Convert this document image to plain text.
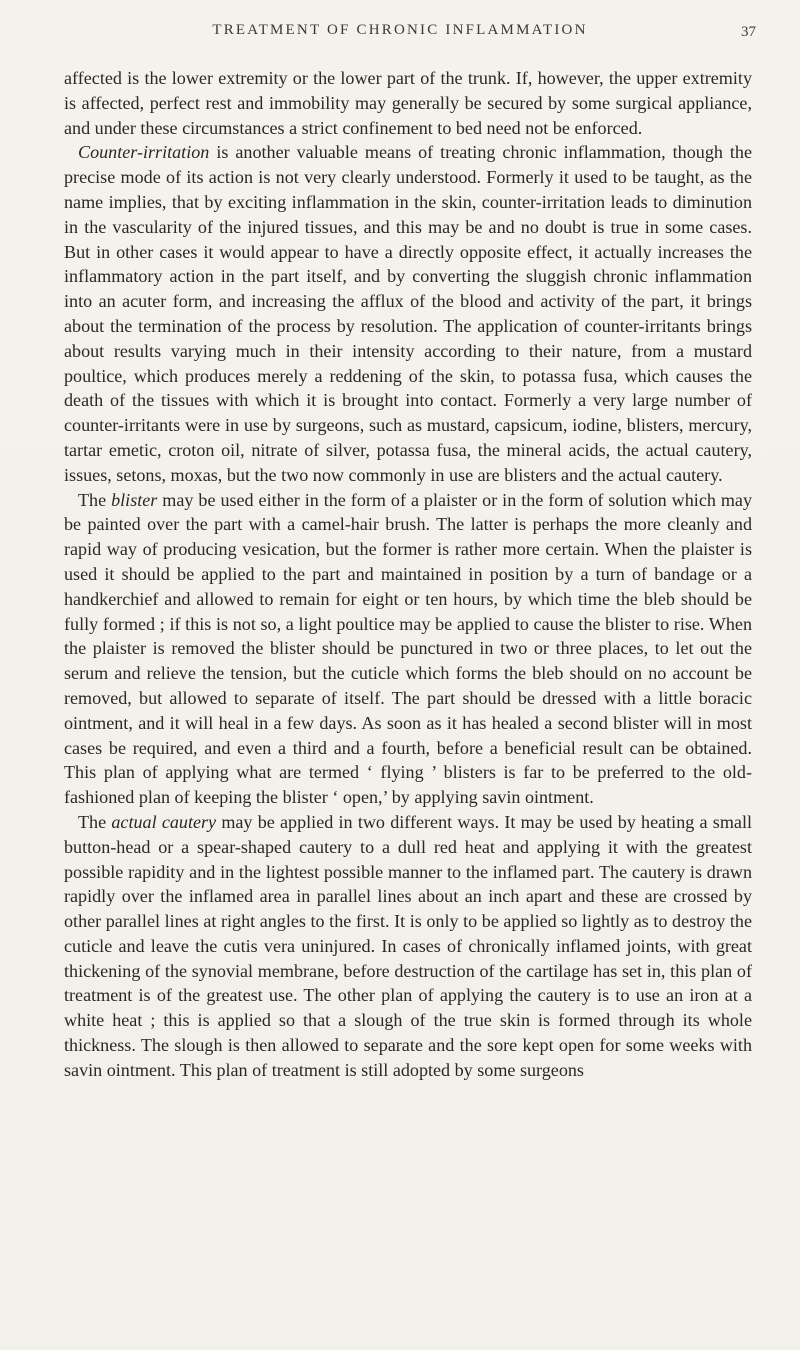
TREATMENT OF CHRONIC INFLAMMATION	37

affected is the lower extremity or the lower part of the trunk. If, however, the upper extremity is affected, perfect rest and immobility may generally be secured by some surgical appliance, and under these circumstances a strict confinement to bed need not be enforced.

Counter-irritation is another valuable means of treating chronic inflammation, though the precise mode of its action is not very clearly understood. Formerly it used to be taught, as the name implies, that by exciting inflammation in the skin, counter-irritation leads to diminution in the vascularity of the injured tissues, and this may be and no doubt is true in some cases. But in other cases it would appear to have a directly opposite effect, it actually increases the inflammatory action in the part itself, and by converting the sluggish chronic inflammation into an acuter form, and increasing the afflux of the blood and activity of the part, it brings about the termination of the process by resolution. The application of counter-irritants brings about results varying much in their intensity according to their nature, from a mustard poultice, which produces merely a reddening of the skin, to potassa fusa, which causes the death of the tissues with which it is brought into contact. Formerly a very large number of counter-irritants were in use by surgeons, such as mustard, capsicum, iodine, blisters, mercury, tartar emetic, croton oil, nitrate of silver, potassa fusa, the mineral acids, the actual cautery, issues, setons, moxas, but the two now commonly in use are blisters and the actual cautery.

The blister may be used either in the form of a plaister or in the form of solution which may be painted over the part with a camel-hair brush. The latter is perhaps the more cleanly and rapid way of producing vesication, but the former is rather more certain. When the plaister is used it should be applied to the part and maintained in position by a turn of bandage or a handkerchief and allowed to remain for eight or ten hours, by which time the bleb should be fully formed ; if this is not so, a light poultice may be applied to cause the blister to rise. When the plaister is removed the blister should be punctured in two or three places, to let out the serum and relieve the tension, but the cuticle which forms the bleb should on no account be removed, but allowed to separate of itself. The part should be dressed with a little boracic ointment, and it will heal in a few days. As soon as it has healed a second blister will in most cases be required, and even a third and a fourth, before a beneficial result can be obtained. This plan of applying what are termed ‘ flying ’ blisters is far to be preferred to the old-fashioned plan of keeping the blister ‘ open,’ by applying savin ointment.

The actual cautery may be applied in two different ways. It may be used by heating a small button-head or a spear-shaped cautery to a dull red heat and applying it with the greatest possible rapidity and in the lightest possible manner to the inflamed part. The cautery is drawn rapidly over the inflamed area in parallel lines about an inch apart and these are crossed by other parallel lines at right angles to the first. It is only to be applied so lightly as to destroy the cuticle and leave the cutis vera uninjured. In cases of chronically inflamed joints, with great thickening of the synovial membrane, before destruction of the cartilage has set in, this plan of treatment is of the greatest use. The other plan of applying the cautery is to use an iron at a white heat ; this is applied so that a slough of the true skin is formed through its whole thickness. The slough is then allowed to separate and the sore kept open for some weeks with savin ointment. This plan of treatment is still adopted by some surgeons
